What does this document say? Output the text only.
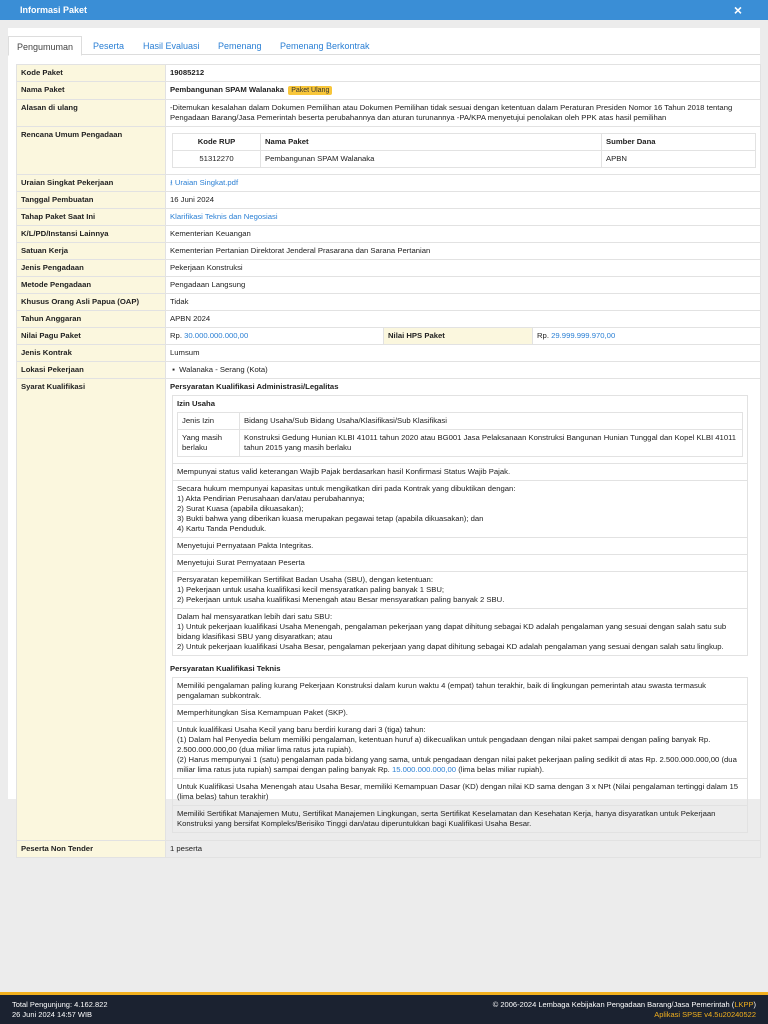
Informasi Paket	×
Pengumuman	Peserta Hasil Evaluasi Pemenang Pemenang Berkontrak
Kode Paket	19085212
Nama Paket	Pembangunan SPAM Walanaka Paket Ulang
Alasan di ulang	-Ditemukan kesalahan dalam Dokumen Pemilihan atau Dokumen Pemilihan tidak sesuai dengan ketentuan dalam Peraturan Presiden Nomor 16 Tahun 2018 tentang Pengadaan Barang/Jasa Pemerintah beserta perubahannya dan aturan turunannya -PA/KPA menyetujui penolakan oleh PPK atas hasil pemilihan
Rencana Umum Pengadaan	
Kode RUP	Nama Paket	Sumber Dana
51312270	Pembangunan SPAM Walanaka	APBN

Uraian Singkat Pekerjaan	⭳ Uraian Singkat.pdf
Tanggal Pembuatan	16 Juni 2024
Tahap Paket Saat Ini	Klarifikasi Teknis dan Negosiasi
K/L/PD/Instansi Lainnya	Kementerian Keuangan
Satuan Kerja	Kementerian Pertanian Direktorat Jenderal Prasarana dan Sarana Pertanian
Jenis Pengadaan	Pekerjaan Konstruksi
Metode Pengadaan	Pengadaan Langsung
Khusus Orang Asli Papua (OAP)	Tidak
Tahun Anggaran	APBN 2024
Nilai Pagu Paket	Rp. 30.000.000.000,00	Nilai HPS Paket	Rp. 29.999.999.970,00
Jenis Kontrak	Lumsum
Lokasi Pekerjaan	▪ Walanaka - Serang (Kota)
Syarat Kualifikasi	Persyaratan Kualifikasi Administrasi/Legalitas
Izin Usaha
Jenis Izin	Bidang Usaha/Sub Bidang Usaha/Klasifikasi/Sub Klasifikasi
Yang masih berlaku	Konstruksi Gedung Hunian KLBI 41011 tahun 2020 atau BG001 Jasa Pelaksanaan Konstruksi Bangunan Hunian Tunggal dan Kopel KLBI 41011 tahun 2015 yang masih berlaku
Mempunyai status valid keterangan Wajib Pajak berdasarkan hasil Konfirmasi Status Wajib Pajak.
Secara hukum mempunyai kapasitas untuk mengikatkan diri pada Kontrak yang dibuktikan dengan:
1) Akta Pendirian Perusahaan dan/atau perubahannya;
2) Surat Kuasa (apabila dikuasakan);
3) Bukti bahwa yang diberikan kuasa merupakan pegawai tetap (apabila dikuasakan); dan
4) Kartu Tanda Penduduk.
Menyetujui Pernyataan Pakta Integritas.
Menyetujui Surat Pernyataan Peserta
Persyaratan kepemilikan Sertifikat Badan Usaha (SBU), dengan ketentuan:
1) Pekerjaan untuk usaha kualifikasi kecil mensyaratkan paling banyak 1 SBU;
2) Pekerjaan untuk usaha kualifikasi Menengah atau Besar mensyaratkan paling banyak 2 SBU.
Dalam hal mensyaratkan lebih dari satu SBU:
1) Untuk pekerjaan kualifikasi Usaha Menengah, pengalaman pekerjaan yang dapat dihitung sebagai KD adalah pengalaman yang sesuai dengan salah satu sub bidang klasifikasi SBU yang disyaratkan; atau
2) Untuk pekerjaan kualifikasi Usaha Besar, pengalaman pekerjaan yang dapat dihitung sebagai KD adalah pengalaman yang sesuai dengan salah satu lingkup.
Persyaratan Kualifikasi Teknis
Memiliki pengalaman paling kurang Pekerjaan Konstruksi dalam kurun waktu 4 (empat) tahun terakhir, baik di lingkungan pemerintah atau swasta termasuk pengalaman subkontrak.
Memperhitungkan Sisa Kemampuan Paket (SKP).
Untuk kualifikasi Usaha Kecil yang baru berdiri kurang dari 3 (tiga) tahun:
(1) Dalam hal Penyedia belum memiliki pengalaman, ketentuan huruf a) dikecualikan untuk pengadaan dengan nilai paket sampai dengan paling banyak Rp. 2.500.000.000,00 (dua miliar lima ratus juta rupiah).
(2) Harus mempunyai 1 (satu) pengalaman pada bidang yang sama, untuk pengadaan dengan nilai paket pekerjaan paling sedikit di atas Rp. 2.500.000.000,00 (dua miliar lima ratus juta rupiah) sampai dengan paling banyak Rp. 15.000.000.000,00 (lima belas miliar rupiah).
Untuk Kualifikasi Usaha Menengah atau Usaha Besar, memiliki Kemampuan Dasar (KD) dengan nilai KD sama dengan 3 x NPt (Nilai pengalaman tertinggi dalam 15 (lima belas) tahun terakhir)
Memiliki Sertifikat Manajemen Mutu, Sertifikat Manajemen Lingkungan, serta Sertifikat Keselamatan dan Kesehatan Kerja, hanya disyaratkan untuk Pekerjaan Konstruksi yang bersifat Kompleks/Berisiko Tinggi dan/atau diperuntukkan bagi Kualifikasi Usaha Besar.

Peserta Non Tender	1 peserta
Total Pengunjung: 4.162.822
26 Juni 2024 14:57 WIB
© 2006-2024 Lembaga Kebijakan Pengadaan Barang/Jasa Pemerintah (LKPP)
Aplikasi SPSE v4.5u20240522
